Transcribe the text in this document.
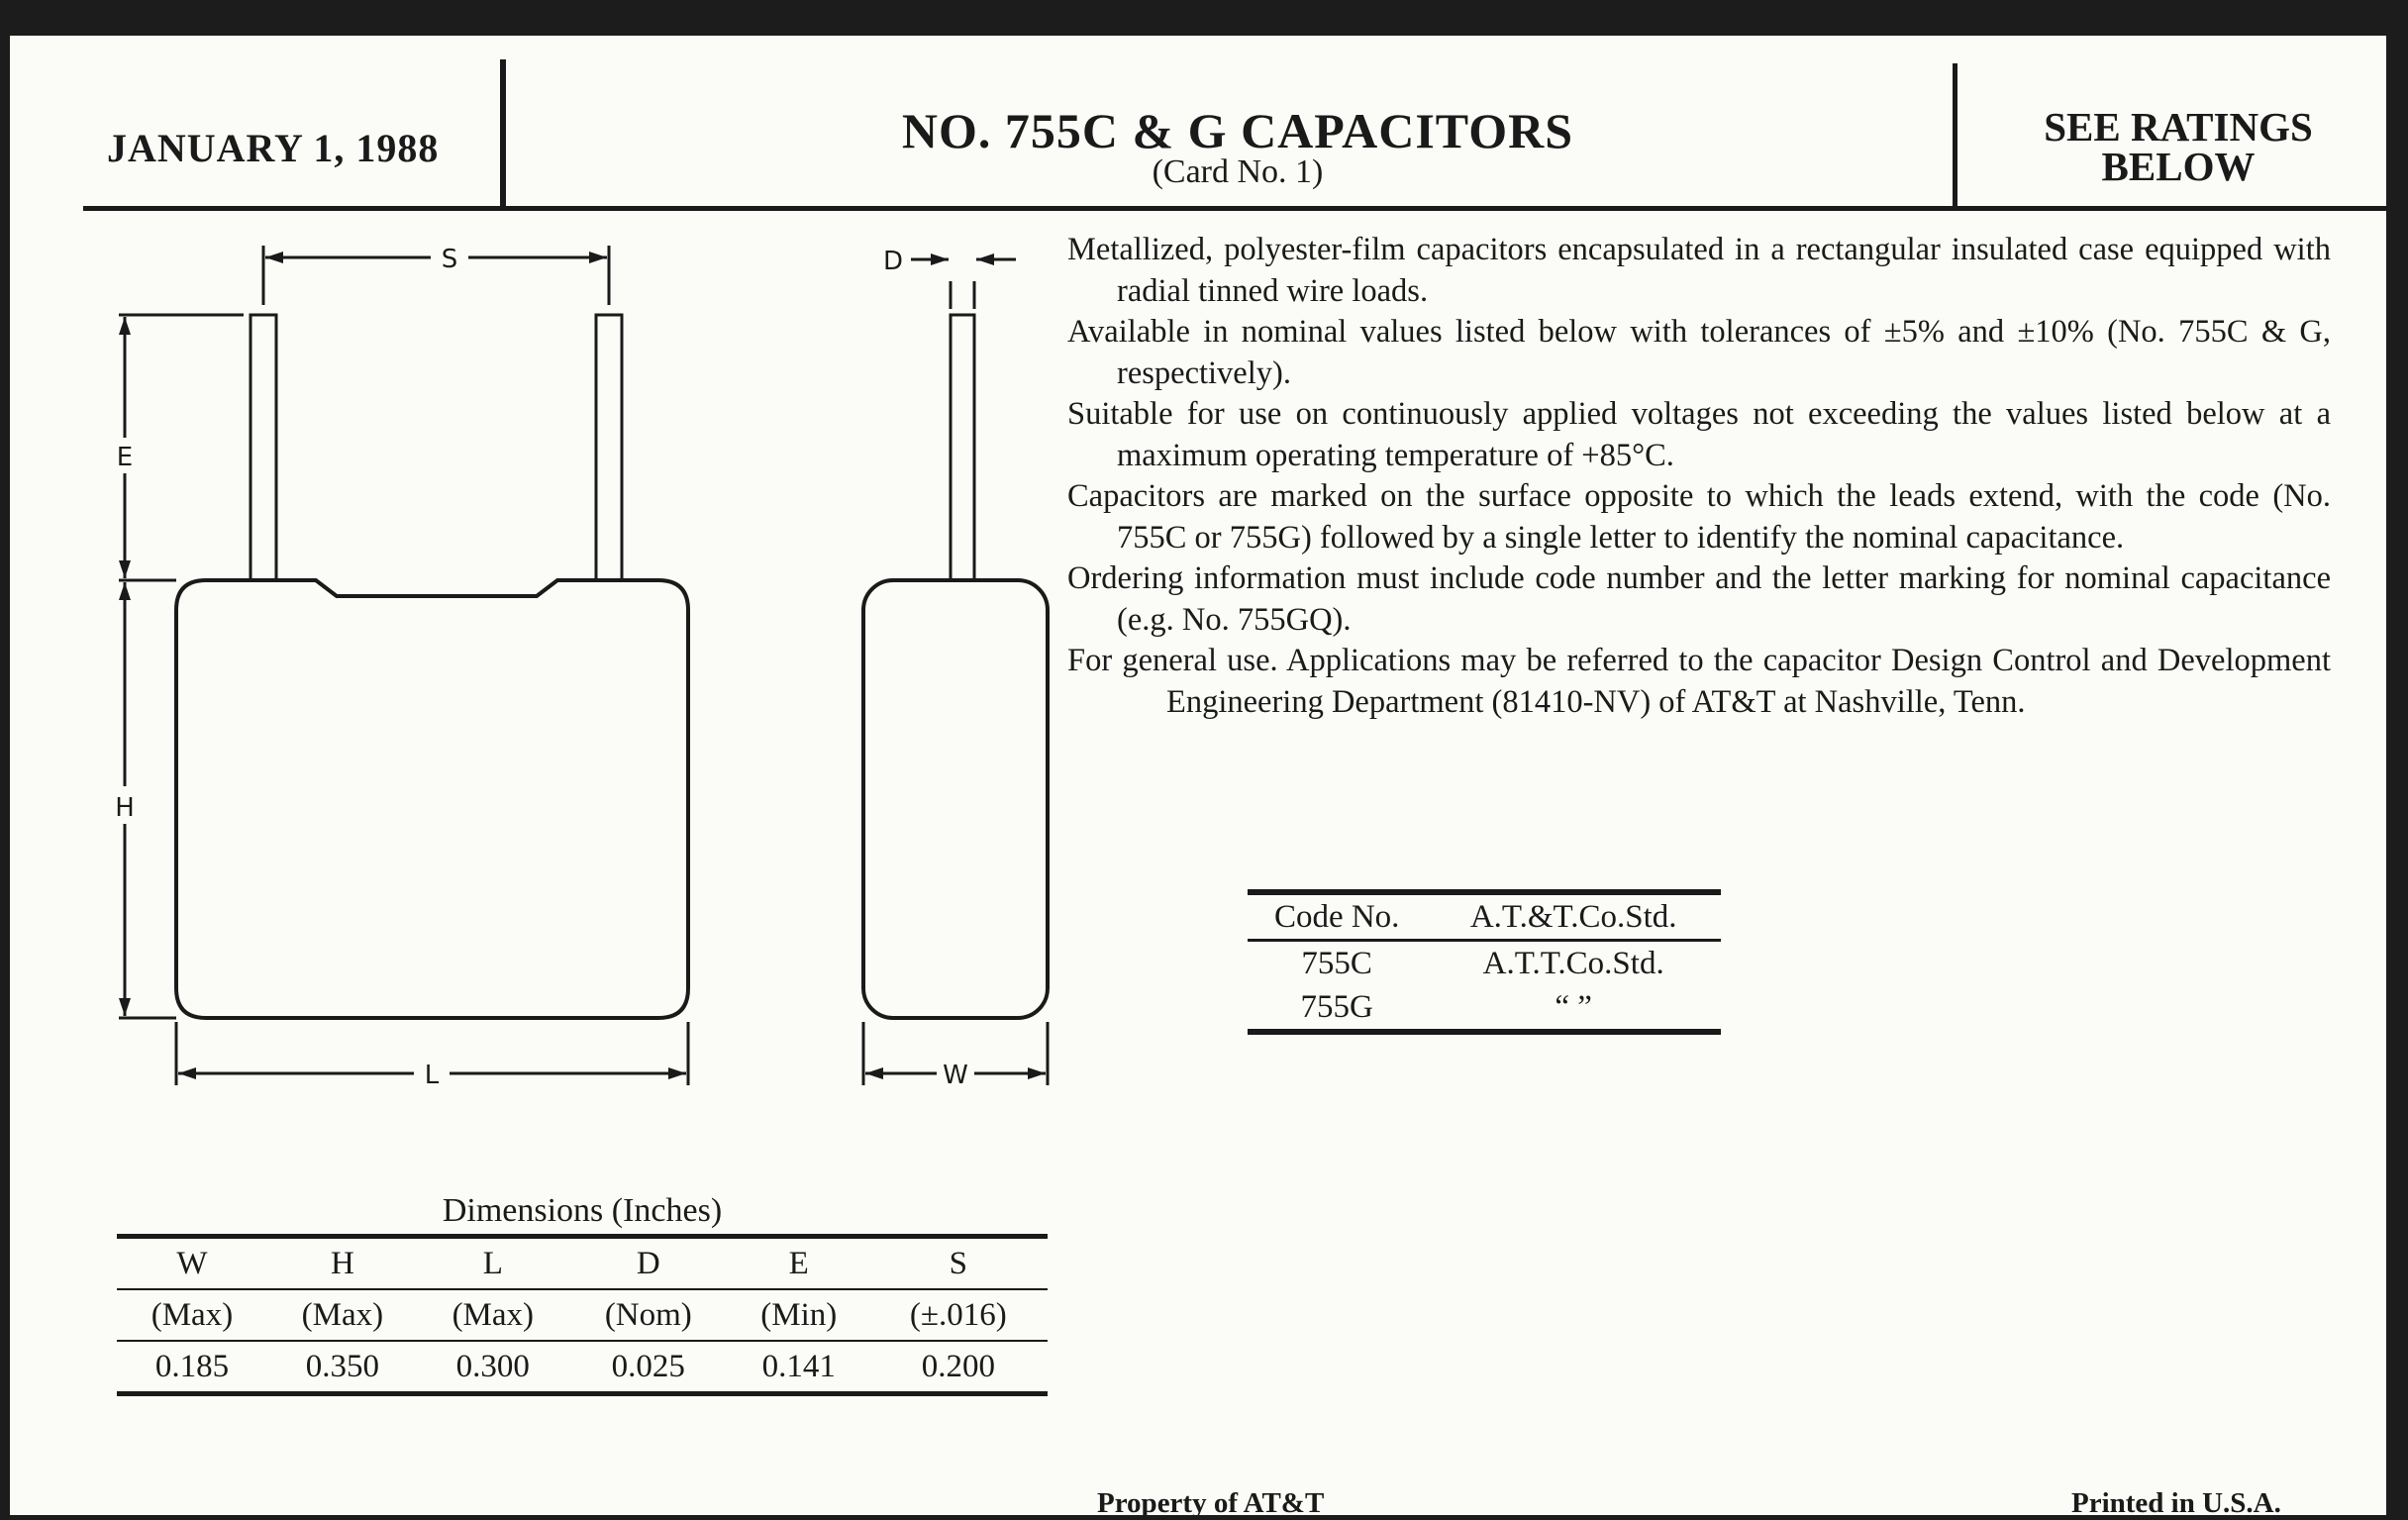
JANUARY 1, 1988	NO. 755C & G CAPACITORS
(Card No. 1)
SEE RATINGS
BELOW
S
E
H
L
D
W

Metallized, polyester-film capacitors encapsulated in a rectangular insulated case equipped with radial tinned wire loads.

Available in nominal values listed below with tolerances of ±5% and ±10% (No. 755C & G, respectively).

Suitable for use on continuously applied voltages not exceeding the values listed below at a maximum operating temperature of +85°C.

Capacitors are marked on the surface opposite to which the leads extend, with the code (No. 755C or 755G) followed by a single letter to identify the nominal capacitance.

Ordering information must include code number and the letter marking for nominal capacitance (e.g. No. 755GQ).

For general use. Applications may be referred to the capacitor Design Control and Development Engineering Department (81410-NV) of AT&T at Nashville, Tenn.

Code No.	A.T.&T.Co.Std.
755C	A.T.T.Co.Std.
755G	“ ”
Dimensions (Inches)
W	H	L	D	E	S
(Max)	(Max)	(Max)	(Nom)	(Min)	(±.016)
0.185	0.350	0.300	0.025	0.141	0.200
Property of AT&T	Printed in U.S.A.
